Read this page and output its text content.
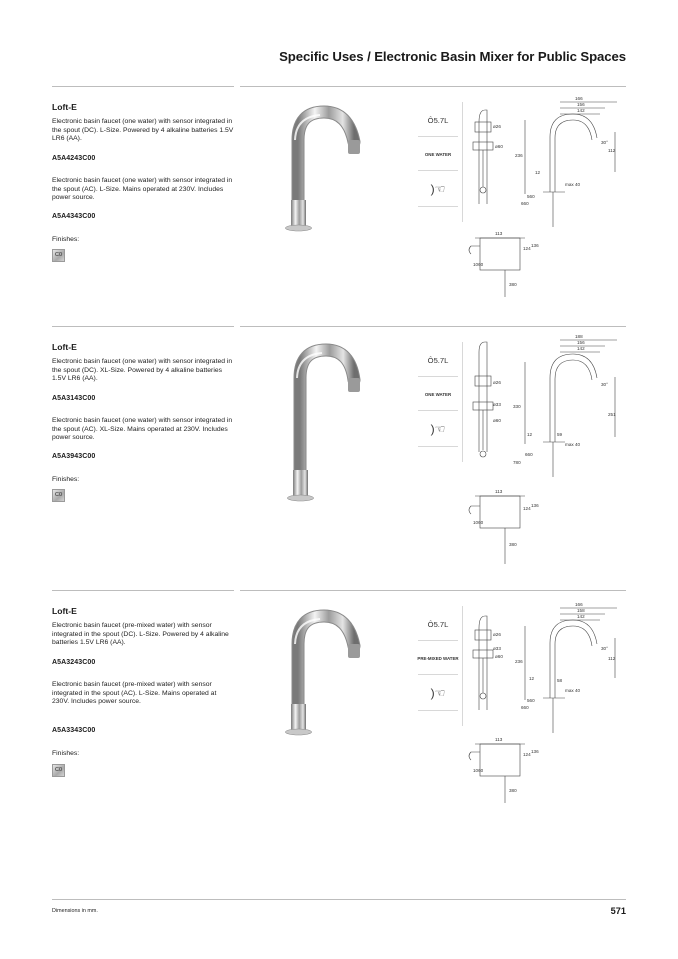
Specific Uses / Electronic Basin Mixer for Public Spaces
Loft-E
Electronic basin faucet (one water) with sensor integrated in the spout (DC). L-Size. Powered by 4 alkaline batteries 1.5V LR6 (AA).
A5A4243C00
Electronic basin faucet (one water) with sensor integrated in the spout (AC). L-Size. Mains operated at 230V. Includes power source.
A5A4343C00
Finishes:
C0
Ô5.7L
ONE WATER
)☜
166
156
142
ø26
ø60
236
112
30°
12
max 40
560
660
113
124
136
1060
380
Loft-E
Electronic basin faucet (one water) with sensor integrated in the spout (DC). XL-Size. Powered by 4 alkaline batteries 1.5V LR6 (AA).
A5A3143C00
Electronic basin faucet (one water) with sensor integrated in the spout (AC). XL-Size. Mains operated at 230V. Includes power source.
A5A3943C00
Finishes:
C0
Ô5.7L
ONE WATER
)☜
188
156
142
ø26
ø33
ø60
330
251
30°
12	59
max 40
660
780
113
124
136
1060
380
Loft-E
Electronic basin faucet (pre-mixed water) with sensor integrated in the spout (DC). L-Size. Powered by 4 alkaline batteries 1.5V LR6 (AA).
A5A3243C00
Electronic basin faucet (pre-mixed water) with sensor integrated in the spout (AC). L-Size. Mains operated at 230V. Includes power source.
A5A3343C00
Finishes:
C0
Ô5.7L
PRE-MIXED WATER
)☜
166
158
142
ø26
ø33
ø60
236
112
30°
12	58
max 40
560
660
113
124
136
1060
380
Dimensions in mm.	571
